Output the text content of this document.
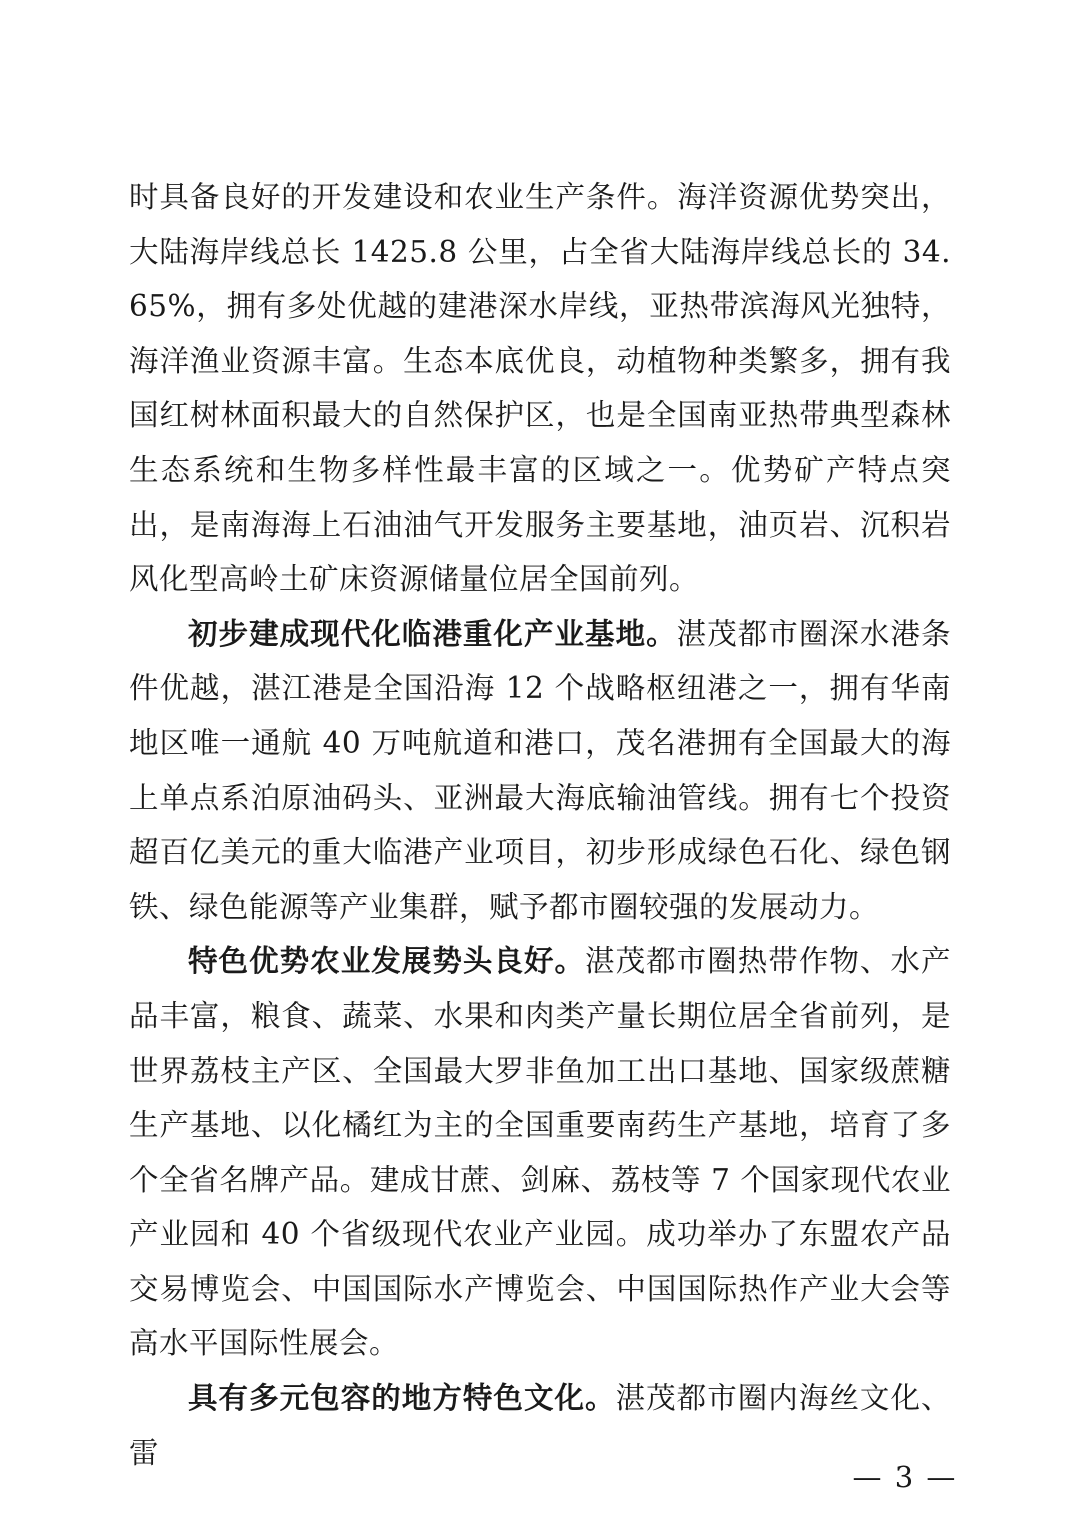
时具备良好的开发建设和农业生产条件。海洋资源优势突出，大陆海岸线总长 1425.8 公里，占全省大陆海岸线总长的 34.65%，拥有多处优越的建港深水岸线，亚热带滨海风光独特，海洋渔业资源丰富。生态本底优良，动植物种类繁多，拥有我国红树林面积最大的自然保护区，也是全国南亚热带典型森林生态系统和生物多样性最丰富的区域之一。优势矿产特点突出，是南海海上石油油气开发服务主要基地，油页岩、沉积岩风化型高岭土矿床资源储量位居全国前列。

初步建成现代化临港重化产业基地。湛茂都市圈深水港条件优越，湛江港是全国沿海 12 个战略枢纽港之一，拥有华南地区唯一通航 40 万吨航道和港口，茂名港拥有全国最大的海上单点系泊原油码头、亚洲最大海底输油管线。拥有七个投资超百亿美元的重大临港产业项目，初步形成绿色石化、绿色钢铁、绿色能源等产业集群，赋予都市圈较强的发展动力。

特色优势农业发展势头良好。湛茂都市圈热带作物、水产品丰富，粮食、蔬菜、水果和肉类产量长期位居全省前列，是世界荔枝主产区、全国最大罗非鱼加工出口基地、国家级蔗糖生产基地、以化橘红为主的全国重要南药生产基地，培育了多个全省名牌产品。建成甘蔗、剑麻、荔枝等 7 个国家现代农业产业园和 40 个省级现代农业产业园。成功举办了东盟农产品交易博览会、中国国际水产博览会、中国国际热作产业大会等高水平国际性展会。

具有多元包容的地方特色文化。湛茂都市圈内海丝文化、雷

— 3 —
